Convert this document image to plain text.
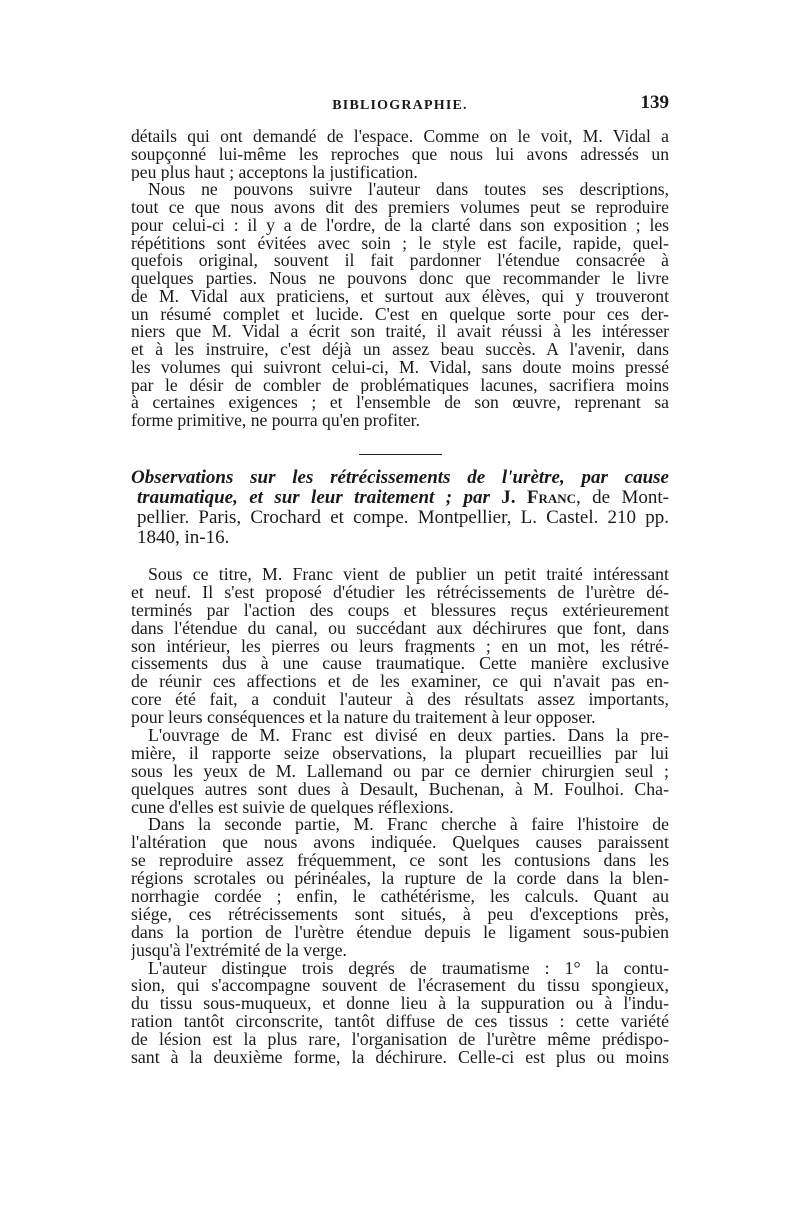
BIBLIOGRAPHIE.	139
détails qui ont demandé de l'espace. Comme on le voit, M. Vidal a
soupçonné lui-même les reproches que nous lui avons adressés un
peu plus haut ; acceptons la justification.
Nous ne pouvons suivre l'auteur dans toutes ses descriptions,
tout ce que nous avons dit des premiers volumes peut se reproduire
pour celui-ci : il y a de l'ordre, de la clarté dans son exposition ; les
répétitions sont évitées avec soin ; le style est facile, rapide, quel-
quefois original, souvent il fait pardonner l'étendue consacrée à
quelques parties. Nous ne pouvons donc que recommander le livre
de M. Vidal aux praticiens, et surtout aux élèves, qui y trouveront
un résumé complet et lucide. C'est en quelque sorte pour ces der-
niers que M. Vidal a écrit son traité, il avait réussi à les intéresser
et à les instruire, c'est déjà un assez beau succès. A l'avenir, dans
les volumes qui suivront celui-ci, M. Vidal, sans doute moins pressé
par le désir de combler de problématiques lacunes, sacrifiera moins
à certaines exigences ; et l'ensemble de son œuvre, reprenant sa
forme primitive, ne pourra qu'en profiter.
Observations sur les rétrécissements de l'urètre, par cause
traumatique, et sur leur traitement ; par J. Franc, de Mont-
pellier. Paris, Crochard et compe. Montpellier, L. Castel. 210 pp.
1840, in-16.
Sous ce titre, M. Franc vient de publier un petit traité intéressant
et neuf. Il s'est proposé d'étudier les rétrécissements de l'urètre dé-
terminés par l'action des coups et blessures reçus extérieurement
dans l'étendue du canal, ou succédant aux déchirures que font, dans
son intérieur, les pierres ou leurs fragments ; en un mot, les rétré-
cissements dus à une cause traumatique. Cette manière exclusive
de réunir ces affections et de les examiner, ce qui n'avait pas en-
core été fait, a conduit l'auteur à des résultats assez importants,
pour leurs conséquences et la nature du traitement à leur opposer.
L'ouvrage de M. Franc est divisé en deux parties. Dans la pre-
mière, il rapporte seize observations, la plupart recueillies par lui
sous les yeux de M. Lallemand ou par ce dernier chirurgien seul ;
quelques autres sont dues à Desault, Buchenan, à M. Foulhoi. Cha-
cune d'elles est suivie de quelques réflexions.
Dans la seconde partie, M. Franc cherche à faire l'histoire de
l'altération que nous avons indiquée. Quelques causes paraissent
se reproduire assez fréquemment, ce sont les contusions dans les
régions scrotales ou périnéales, la rupture de la corde dans la blen-
norrhagie cordée ; enfin, le cathétérisme, les calculs. Quant au
siége, ces rétrécissements sont situés, à peu d'exceptions près,
dans la portion de l'urètre étendue depuis le ligament sous-pubien
jusqu'à l'extrémité de la verge.
L'auteur distingue trois degrés de traumatisme : 1° la contu-
sion, qui s'accompagne souvent de l'écrasement du tissu spongieux,
du tissu sous-muqueux, et donne lieu à la suppuration ou à l'indu-
ration tantôt circonscrite, tantôt diffuse de ces tissus : cette variété
de lésion est la plus rare, l'organisation de l'urètre même prédispo-
sant à la deuxième forme, la déchirure. Celle-ci est plus ou moins
